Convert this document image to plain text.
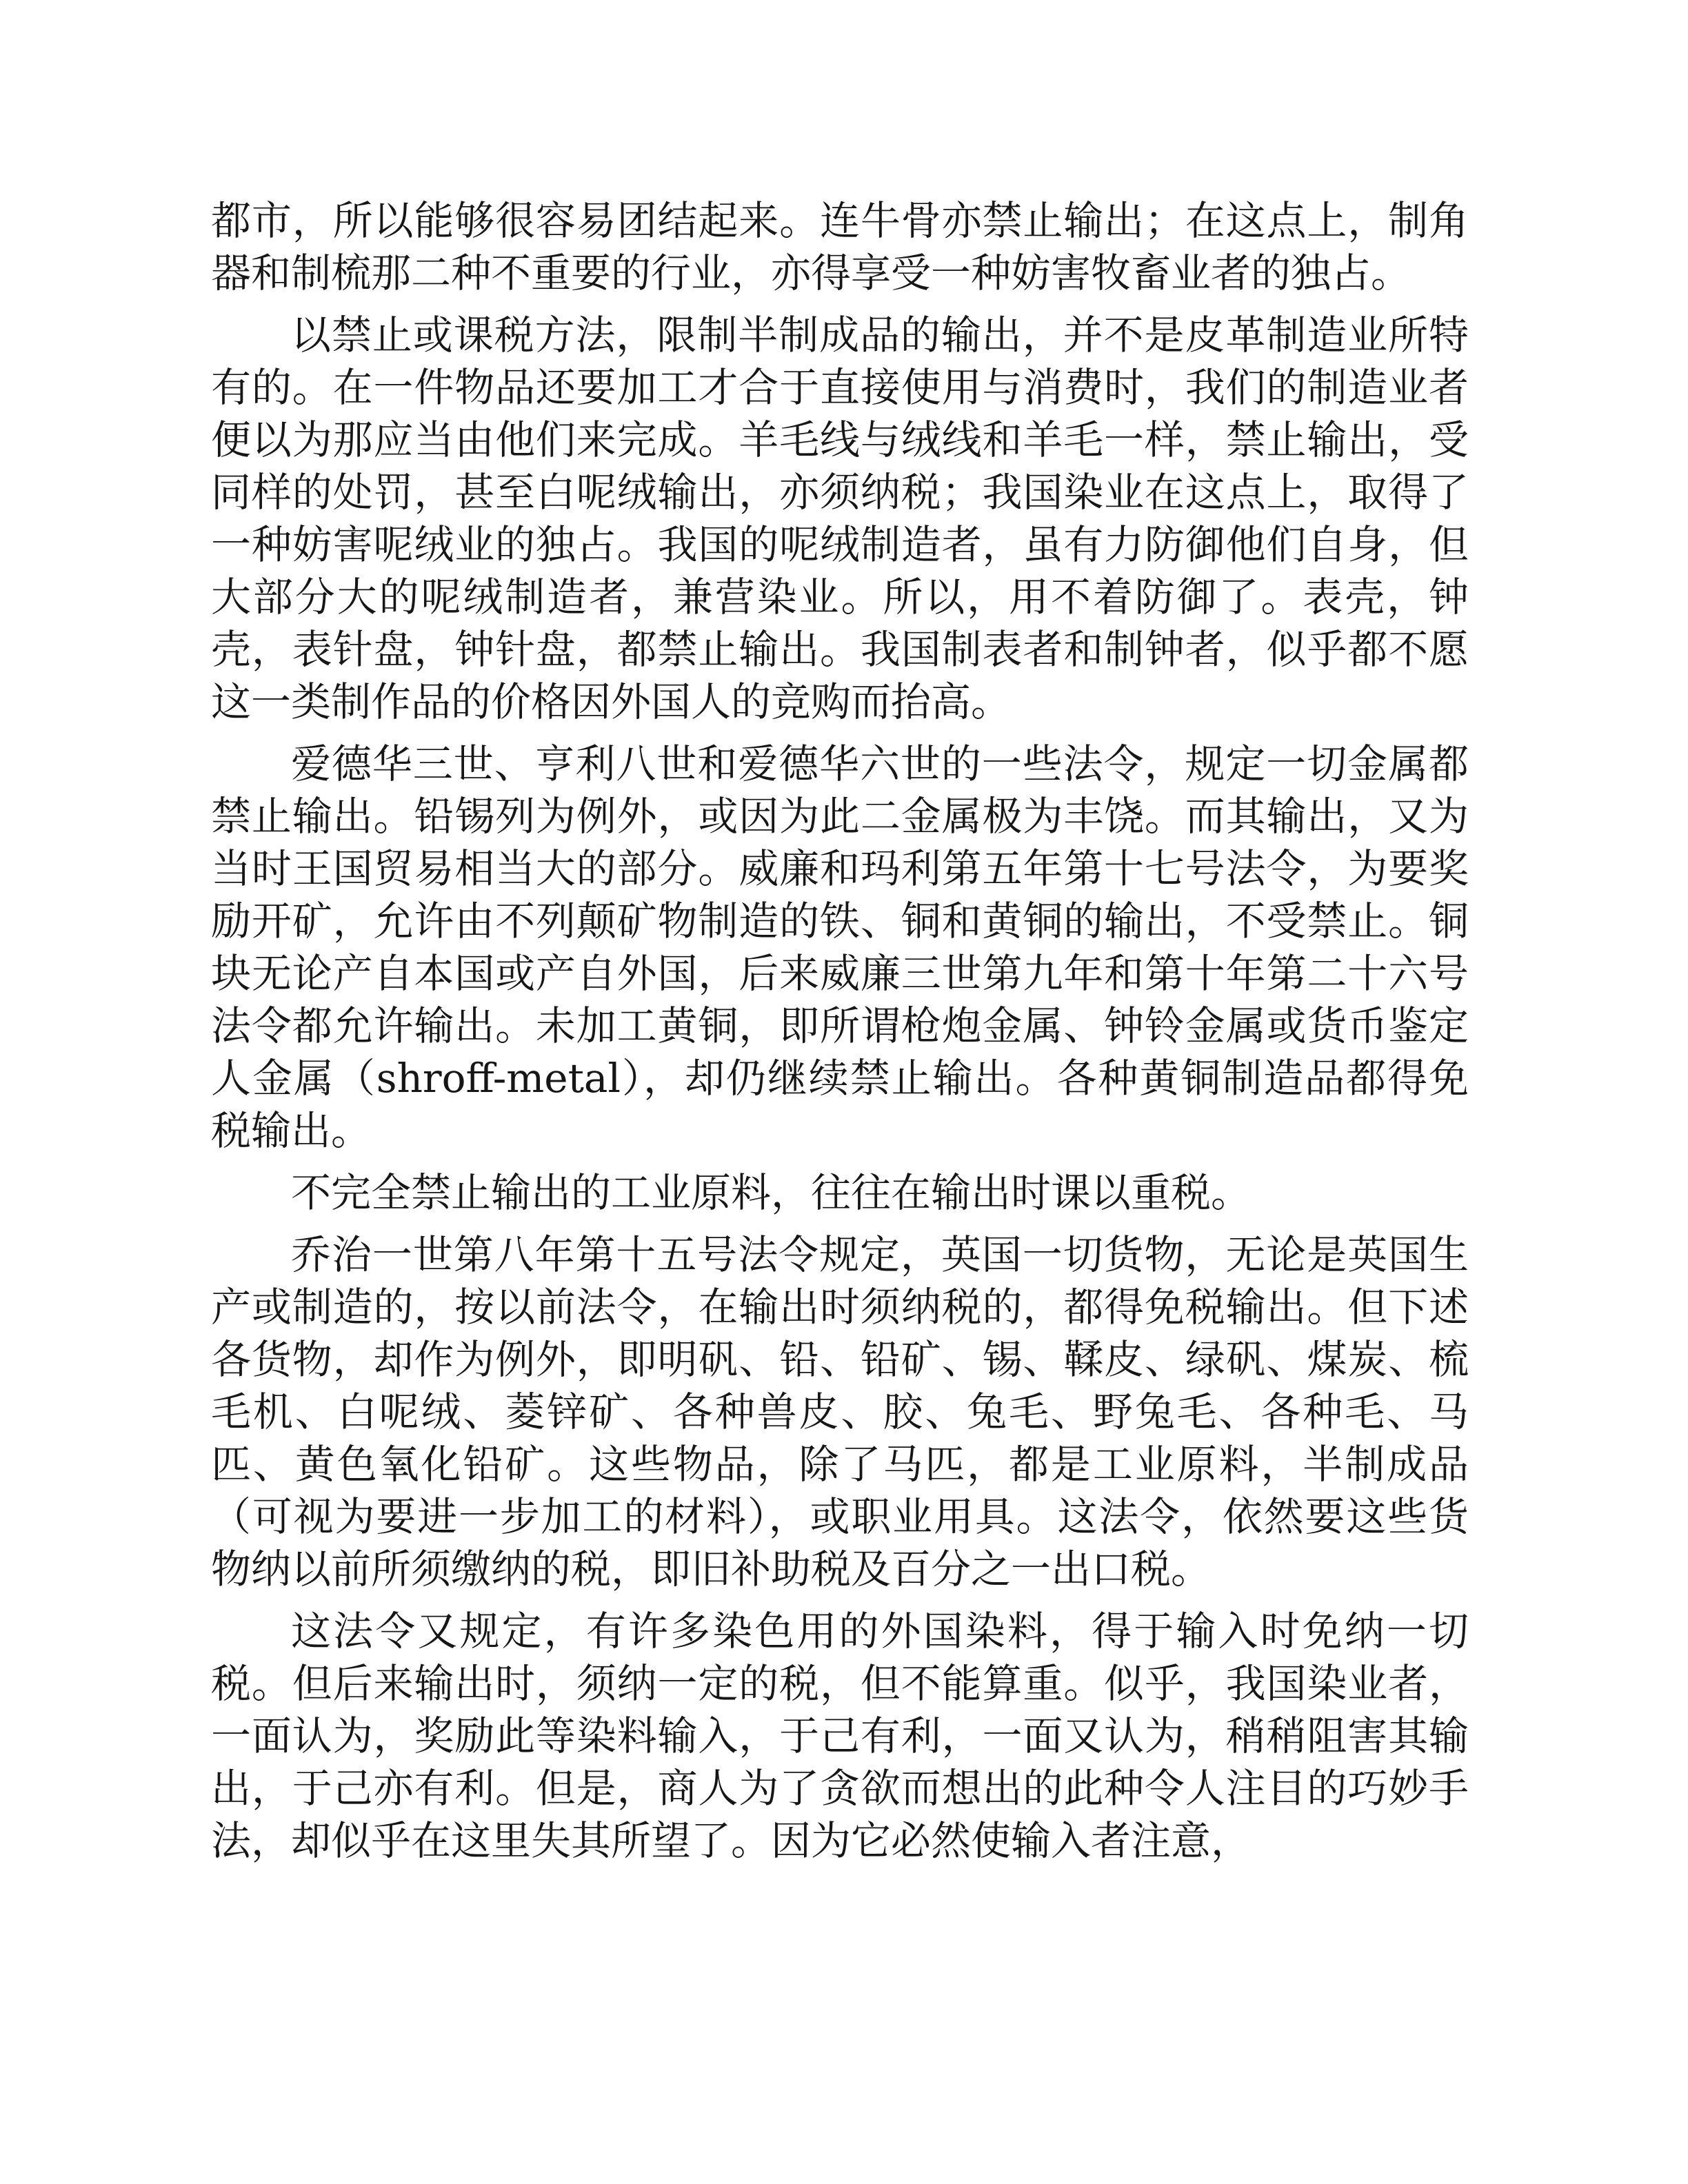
都市，所以能够很容易团结起来。连牛骨亦禁止输出；在这点上，制角器和制梳那二种不重要的行业，亦得享受一种妨害牧畜业者的独占。

以禁止或课税方法，限制半制成品的输出，并不是皮革制造业所特有的。在一件物品还要加工才合于直接使用与消费时，我们的制造业者便以为那应当由他们来完成。羊毛线与绒线和羊毛一样，禁止输出，受同样的处罚，甚至白呢绒输出，亦须纳税；我国染业在这点上，取得了一种妨害呢绒业的独占。我国的呢绒制造者，虽有力防御他们自身，但大部分大的呢绒制造者，兼营染业。所以，用不着防御了。表壳，钟壳，表针盘，钟针盘，都禁止输出。我国制表者和制钟者，似乎都不愿这一类制作品的价格因外国人的竞购而抬高。

爱德华三世、亨利八世和爱德华六世的一些法令，规定一切金属都禁止输出。铅锡列为例外，或因为此二金属极为丰饶。而其输出，又为当时王国贸易相当大的部分。威廉和玛利第五年第十七号法令，为要奖励开矿，允许由不列颠矿物制造的铁、铜和黄铜的输出，不受禁止。铜块无论产自本国或产自外国，后来威廉三世第九年和第十年第二十六号法令都允许输出。未加工黄铜，即所谓枪炮金属、钟铃金属或货币鉴定人金属（shroff-metal），却仍继续禁止输出。各种黄铜制造品都得免税输出。

不完全禁止输出的工业原料，往往在输出时课以重税。

乔治一世第八年第十五号法令规定，英国一切货物，无论是英国生产或制造的，按以前法令，在输出时须纳税的，都得免税输出。但下述各货物，却作为例外，即明矾、铅、铅矿、锡、鞣皮、绿矾、煤炭、梳毛机、白呢绒、菱锌矿、各种兽皮、胶、兔毛、野兔毛、各种毛、马匹、黄色氧化铅矿。这些物品，除了马匹，都是工业原料，半制成品（可视为要进一步加工的材料），或职业用具。这法令，依然要这些货物纳以前所须缴纳的税，即旧补助税及百分之一出口税。

这法令又规定，有许多染色用的外国染料，得于输入时免纳一切税。但后来输出时，须纳一定的税，但不能算重。似乎，我国染业者，一面认为，奖励此等染料输入，于己有利，一面又认为，稍稍阻害其输出，于己亦有利。但是，商人为了贪欲而想出的此种令人注目的巧妙手法，却似乎在这里失其所望了。因为它必然使输入者注意，
